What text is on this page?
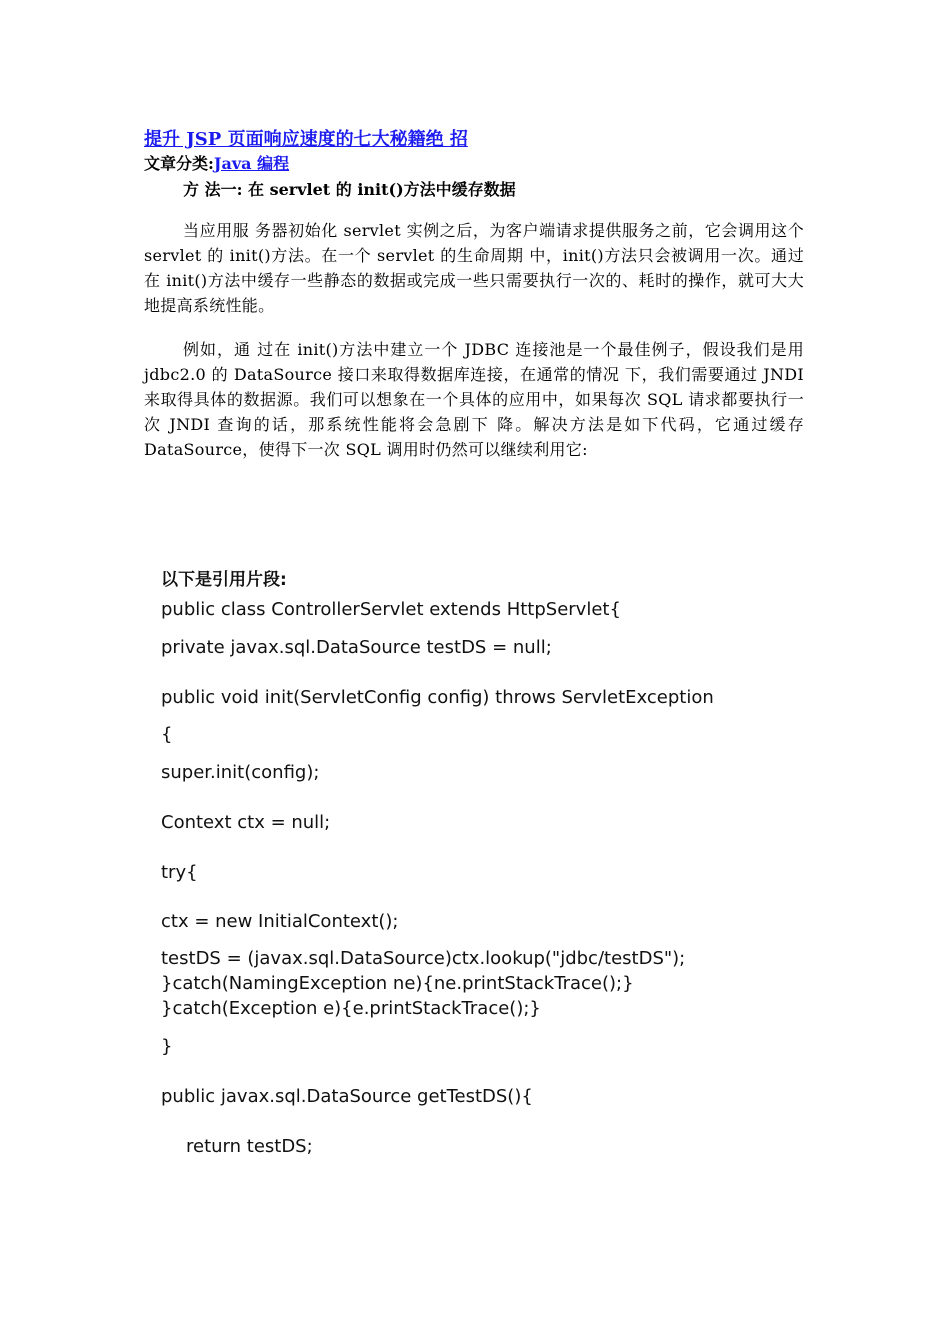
提升 JSP 页面响应速度的七大秘籍绝 招
文章分类:Java 编程
方 法一: 在 servlet 的 init()方法中缓存数据

当应用服 务器初始化 servlet 实例之后，为客户端请求提供服务之前，它会调用这个 servlet 的 init()方法。在一个 servlet 的生命周期 中，init()方法只会被调用一次。通过在 init()方法中缓存一些静态的数据或完成一些只需要执行一次的、耗时的操作，就可大大地提高系统性能。

例如，通 过在 init()方法中建立一个 JDBC 连接池是一个最佳例子，假设我们是用 jdbc2.0 的 DataSource 接口来取得数据库连接，在通常的情况 下，我们需要通过 JNDI 来取得具体的数据源。我们可以想象在一个具体的应用中，如果每次 SQL 请求都要执行一次 JNDI 查询的话，那系统性能将会急剧下 降。解决方法是如下代码，它通过缓存 DataSource，使得下一次 SQL 调用时仍然可以继续利用它:

以下是引用片段:
public class ControllerServlet extends HttpServlet{
private javax.sql.DataSource testDS = null;
public void init(ServletConfig config) throws ServletException
{
super.init(config);
Context ctx = null;
try{
ctx = new InitialContext();
testDS = (javax.sql.DataSource)ctx.lookup("jdbc/testDS");
}catch(NamingException ne){ne.printStackTrace();}
}catch(Exception e){e.printStackTrace();}
}
public javax.sql.DataSource getTestDS(){
return testDS;
